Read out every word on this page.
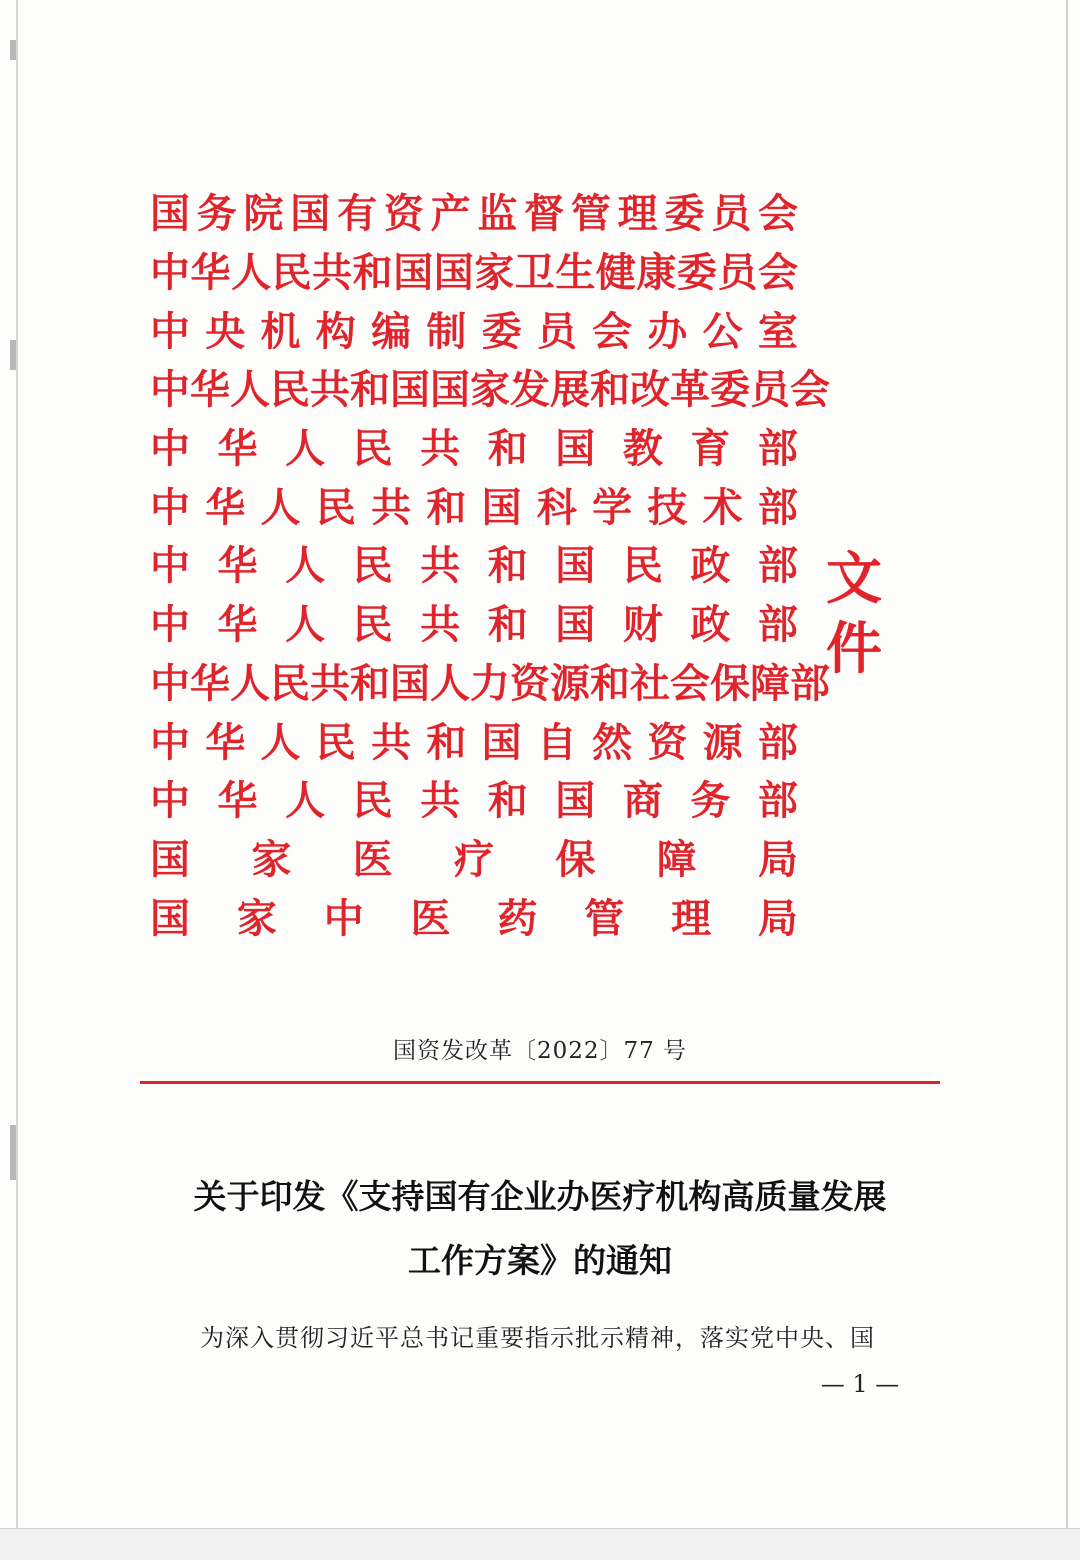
国 务 院 国 有 资 产 监 督 管 理 委 员 会
中 华 人 民 共 和 国 国 家 卫 生 健 康 委 员 会
中 央 机 构 编 制 委 员 会 办 公 室
中 华 人 民 共 和 国 国 家 发 展 和 改 革 委 员 会
中 华 人 民 共 和 国 教 育 部
中 华 人 民 共 和 国 科 学 技 术 部
中 华 人 民 共 和 国 民 政 部
中 华 人 民 共 和 国 财 政 部
中 华 人 民 共 和 国 人 力 资 源 和 社 会 保 障 部
中 华 人 民 共 和 国 自 然 资 源 部
中 华 人 民 共 和 国 商 务 部
国 家 医 疗 保 障 局
国 家 中 医 药 管 理 局
文件
国资发改革〔2022〕77 号
关于印发《支持国有企业办医疗机构高质量发展
工作方案》的通知
为深入贯彻习近平总书记重要指示批示精神，落实党中央、国
— 1 —
